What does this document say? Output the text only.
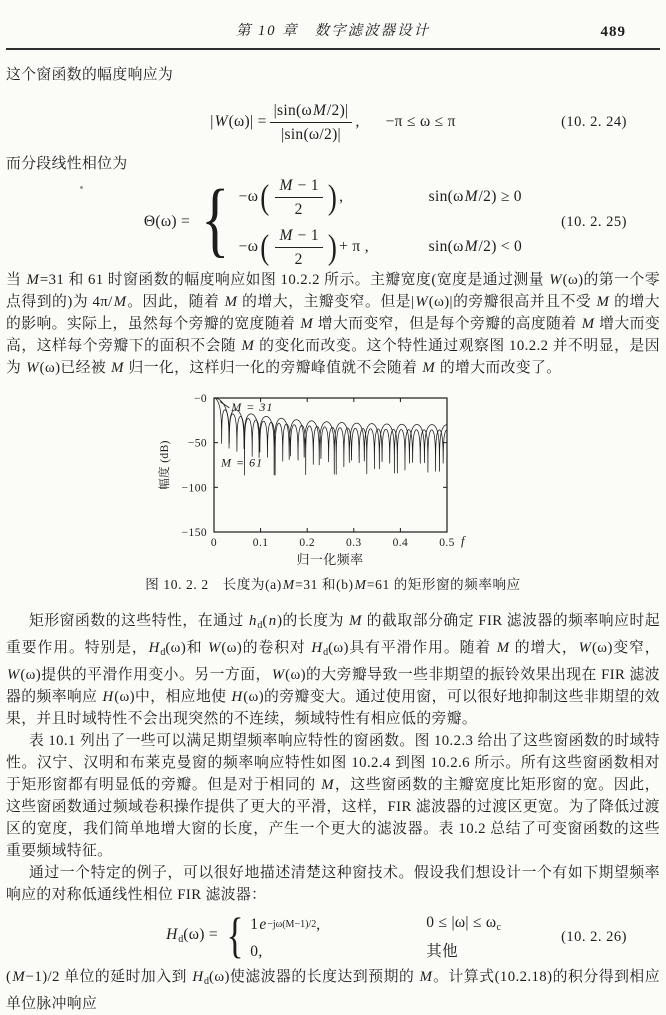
第 10 章 数字滤波器设计	489

这个窗函数的幅度响应为

$|W(\omega)| = \frac{|\sin(\omega M/2)|}{|\sin(\omega/2)|}$ , −π ≤ ω ≤ π	(10. 2. 24)

而分段线性相位为

Θ(ω) = { −ω ( $\frac{M - 1}{2}$ ) ,	sin(ωM/2) ≥ 0
−ω ( $\frac{M - 1}{2}$ ) + π ,	sin(ωM/2) < 0
(10. 2. 25)

当 M=31 和 61 时窗函数的幅度响应如图 10.2.2 所示。主瓣宽度(宽度是通过测量 W(ω)的第一个零点得到的)为 4π/M。因此，随着 M 的增大，主瓣变窄。但是|W(ω)|的旁瓣很高并且不受 M 的增大的影响。实际上，虽然每个旁瓣的宽度随着 M 增大而变窄，但是每个旁瓣的高度随着 M 增大而变高，这样每个旁瓣下的面积不会随 M 的变化而改变。这个特性通过观察图 10.2.2 并不明显，是因为 W(ω)已经被 M 归一化，这样归一化的旁瓣峰值就不会随着 M 的增大而改变了。

0	0.1	0.2	0.3	0.4	0.5
−0
−50
−100
−150
M = 31
M = 61
幅度 (dB)
归一化频率
f
图 10. 2. 2　长度为(a)M=31 和(b)M=61 的矩形窗的频率响应

矩形窗函数的这些特性，在通过 $h_d(n)$的长度为 M 的截取部分确定 FIR 滤波器的频率响应时起重要作用。特别是，$H_d(\omega)$和 W(ω)的卷积对 $H_d(\omega)$具有平滑作用。随着 M 的增大，W(ω)变窄，W(ω)提供的平滑作用变小。另一方面，W(ω)的大旁瓣导致一些非期望的振铃效果出现在 FIR 滤波器的频率响应 H(ω)中，相应地使 H(ω)的旁瓣变大。通过使用窗，可以很好地抑制这些非期望的效果，并且时域特性不会出现突然的不连续，频域特性有相应低的旁瓣。

表 10.1 列出了一些可以满足期望频率响应特性的窗函数。图 10.2.3 给出了这些窗函数的时域特性。汉宁、汉明和布莱克曼窗的频率响应特性如图 10.2.4 到图 10.2.6 所示。所有这些窗函数相对于矩形窗都有明显低的旁瓣。但是对于相同的 M，这些窗函数的主瓣宽度比矩形窗的宽。因此，这些窗函数通过频域卷积操作提供了更大的平滑，这样，FIR 滤波器的过渡区更宽。为了降低过渡区的宽度，我们简单地增大窗的长度，产生一个更大的滤波器。表 10.2 总结了可变窗函数的这些重要频域特征。

通过一个特定的例子，可以很好地描述清楚这种窗技术。假设我们想设计一个有如下期望频率响应的对称低通线性相位 FIR 滤波器：

$H_d(\omega)$ = { 1 e −jω(M−1)/2 ,	$0 \le |\omega| \le \omega_c$
0,	其他
(10. 2. 26)

(M−1)/2 单位的延时加入到 $H_d(\omega)$使滤波器的长度达到预期的 M。计算式(10.2.18)的积分得到相应单位脉冲响应
